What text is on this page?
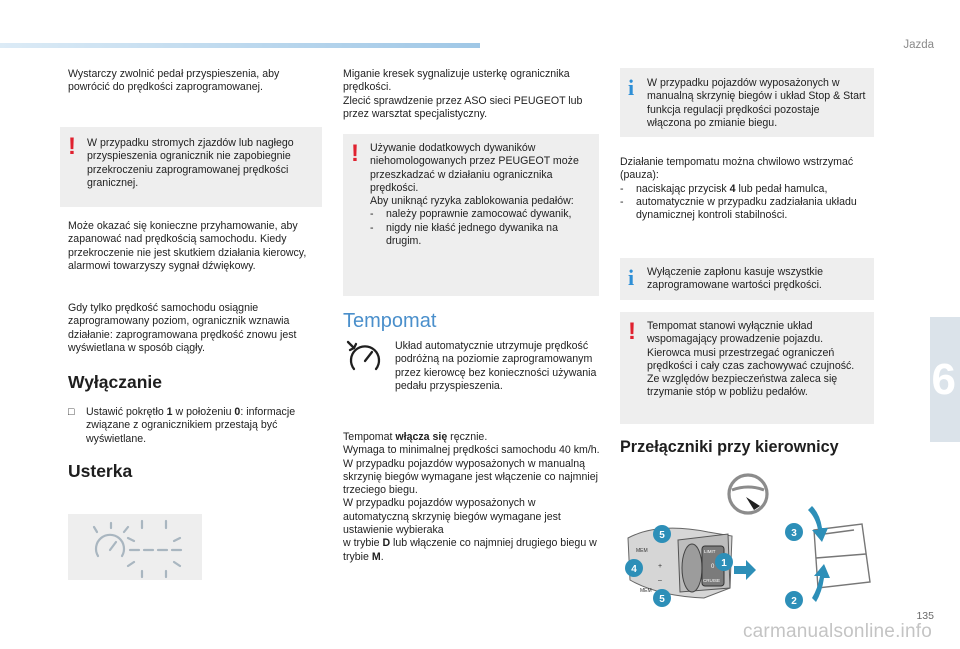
Jazda
Wystarczy zwolnić pedał przyspieszenia, aby powrócić do prędkości zaprogramowanej.
! W przypadku stromych zjazdów lub nagłego przyspieszenia ogranicznik nie zapobiegnie przekroczeniu zaprogramowanej prędkości granicznej.
Może okazać się konieczne przyhamowanie, aby zapanować nad prędkością samochodu. Kiedy przekroczenie nie jest skutkiem działania kierowcy, alarmowi towarzyszy sygnał dźwiękowy.
Gdy tylko prędkość samochodu osiągnie zaprogramowany poziom, ogranicznik wznawia działanie: zaprogramowana prędkość znowu jest wyświetlana w sposób ciągły.
Wyłączanie
□	Ustawić pokrętło 1 w położeniu 0: informacje związane z ogranicznikiem przestają być wyświetlane.
Usterka
Miganie kresek sygnalizuje usterkę ogranicznika prędkości.
Zlecić sprawdzenie przez ASO sieci PEUGEOT lub przez warsztat specjalistyczny.
! Używanie dodatkowych dywaników niehomologowanych przez PEUGEOT może przeszkadzać w działaniu ogranicznika prędkości.
Aby uniknąć ryzyka zablokowania pedałów:
- należy poprawnie zamocować dywanik,
- nigdy nie kłaść jednego dywanika na drugim.
Tempomat
Układ automatycznie utrzymuje prędkość podróżną na poziomie zaprogramowanym przez kierowcę bez konieczności używania pedału przyspieszenia.
Tempomat włącza się ręcznie.
Wymaga to minimalnej prędkości samochodu 40 km/h.
W przypadku pojazdów wyposażonych w manualną skrzynię biegów wymagane jest włączenie co najmniej trzeciego biegu.
W przypadku pojazdów wyposażonych w automatyczną skrzynię biegów wymagane jest ustawienie wybieraka
w trybie D lub włączenie co najmniej drugiego biegu w trybie M.
i W przypadku pojazdów wyposażonych w manualną skrzynię biegów i układ Stop & Start funkcja regulacji prędkości pozostaje włączona po zmianie biegu.
Działanie tempomatu można chwilowo wstrzymać (pauza):
- naciskając przycisk 4 lub pedał hamulca,
- automatycznie w przypadku zadziałania układu dynamicznej kontroli stabilności.
i Wyłączenie zapłonu kasuje wszystkie zaprogramowane wartości prędkości.
! Tempomat stanowi wyłącznie układ wspomagający prowadzenie pojazdu. Kierowca musi przestrzegać ograniczeń prędkości i cały czas zachowywać czujność.
Ze względów bezpieczeństwa zaleca się trzymanie stóp w pobliżu pedałów.
Przełączniki przy kierownicy
MEM	LIMIT
CRUISE
MEM
0
+
–
1
2
3
4
5
5
6
135
carmanualsonline.info
